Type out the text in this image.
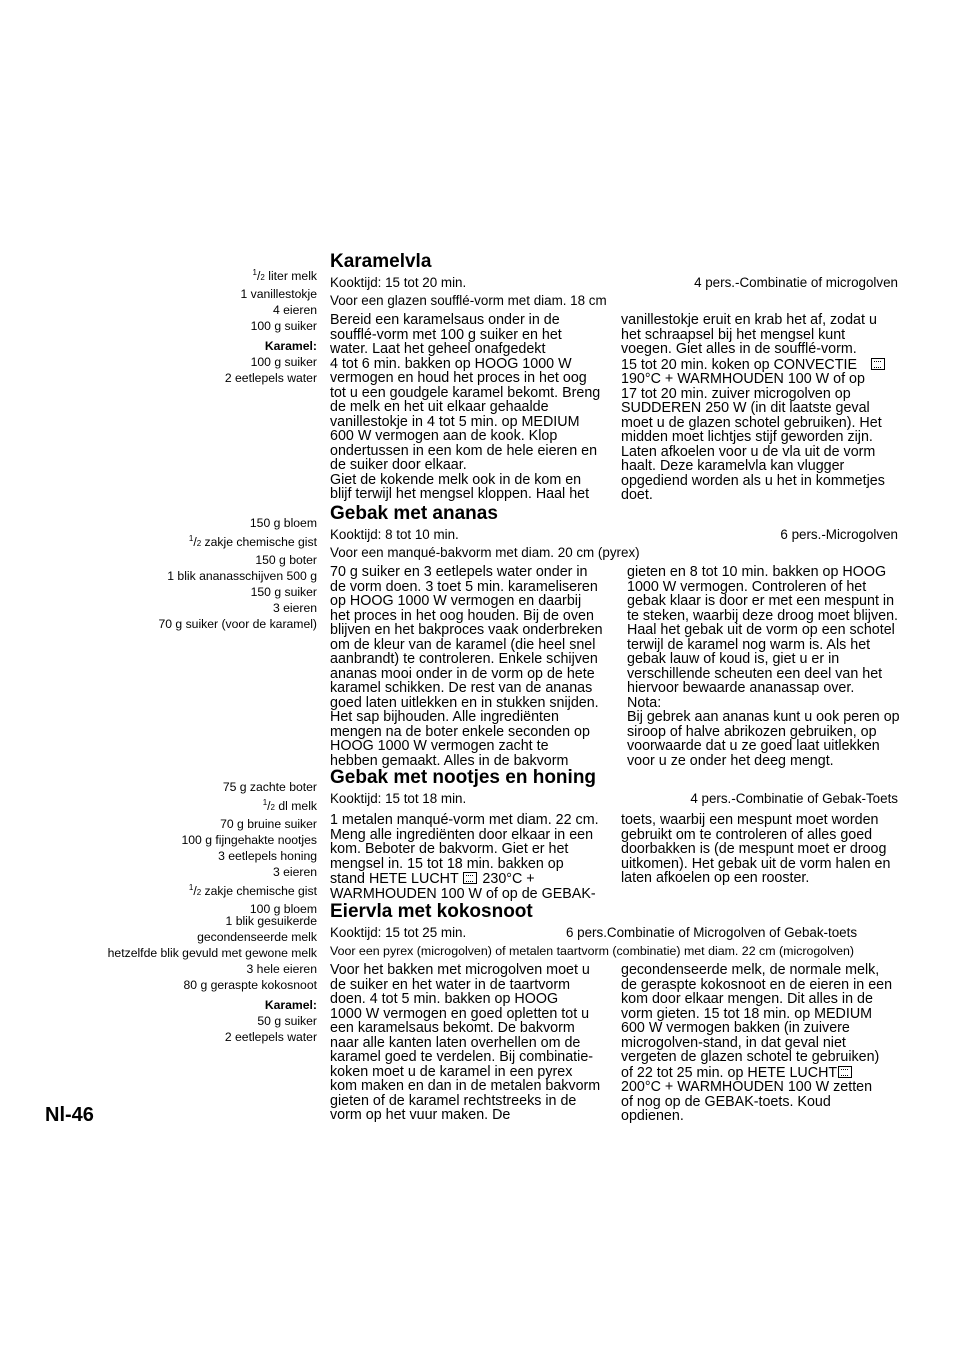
$^1$/2 liter melk
1 vanillestokje
4 eieren
100 g suiker
Karamel:
100 g suiker
2 eetlepels water
150 g bloem
$^1$/2 zakje chemische gist
150 g boter
1 blik ananasschijven 500 g
150 g suiker
3 eieren
70 g suiker (voor de karamel)
75 g zachte boter
$^1$/2 dl melk
70 g bruine suiker
100 g fijngehakte nootjes
3 eetlepels honing
3 eieren
$^1$/2 zakje chemische gist
100 g bloem
1 blik gesuikerde
gecondenseerde melk
hetzelfde blik gevuld met gewone melk
3 hele eieren
80 g geraspte kokosnoot
Karamel:
50 g suiker
2 eetlepels water
Karamelvla
Kooktijd: 15 tot 20 min.	4 pers.-Combinatie of microgolven
Voor een glazen soufflé-vorm met diam. 18 cm
Bereid een karamelsaus onder in de
soufflé-vorm met 100 g suiker en het
water. Laat het geheel onafgedekt
4 tot 6 min. bakken op HOOG 1000 W
vermogen en houd het proces in het oog
tot u een goudgele karamel bekomt. Breng
de melk en het uit elkaar gehaalde
vanillestokje in 4 tot 5 min. op MEDIUM
600 W vermogen aan de kook. Klop
ondertussen in een kom de hele eieren en
de suiker door elkaar.
Giet de kokende melk ook in de kom en
blijf terwijl het mengsel kloppen. Haal het
vanillestokje eruit en krab het af, zodat u
het schraapsel bij het mengsel kunt
voegen. Giet alles in de soufflé-vorm.
15 tot 20 min. koken op CONVECTIE
190°C + WARMHOUDEN 100 W of op
17 tot 20 min. zuiver microgolven op
SUDDEREN 250 W (in dit laatste geval
moet u de glazen schotel gebruiken). Het
midden moet lichtjes stijf geworden zijn.
Laten afkoelen voor u de vla uit de vorm
haalt. Deze karamelvla kan vlugger
opgediend worden als u het in kommetjes
doet.
Gebak met ananas
Kooktijd: 8 tot 10 min.	6 pers.-Microgolven
Voor een manqué-bakvorm met diam. 20 cm (pyrex)
70 g suiker en 3 eetlepels water onder in
de vorm doen. 3 toet 5 min. karameliseren
op HOOG 1000 W vermogen en daarbij
het proces in het oog houden. Bij de oven
blijven en het bakproces vaak onderbreken
om de kleur van de karamel (die heel snel
aanbrandt) te controleren. Enkele schijven
ananas mooi onder in de vorm op de hete
karamel schikken. De rest van de ananas
goed laten uitlekken en in stukken snijden.
Het sap bijhouden. Alle ingrediënten
mengen na de boter enkele seconden op
HOOG 1000 W vermogen zacht te
hebben gemaakt. Alles in de bakvorm
gieten en 8 tot 10 min. bakken op HOOG
1000 W vermogen. Controleren of het
gebak klaar is door er met een mespunt in
te steken, waarbij deze droog moet blijven.
Haal het gebak uit de vorm op een schotel
terwijl de karamel nog warm is. Als het
gebak lauw of koud is, giet u er in
verschillende scheuten een deel van het
hiervoor bewaarde ananassap over.
Nota:
Bij gebrek aan ananas kunt u ook peren op
siroop of halve abrikozen gebruiken, op
voorwaarde dat u ze goed laat uitlekken
voor u ze onder het deeg mengt.
Gebak met nootjes en honing
Kooktijd: 15 tot 18 min.	4 pers.-Combinatie of Gebak-Toets
1 metalen manqué-vorm met diam. 22 cm.
Meng alle ingrediënten door elkaar in een
kom. Beboter de bakvorm. Giet er het
mengsel in. 15 tot 18 min. bakken op
stand HETE LUCHT 230°C +
WARMHOUDEN 100 W of op de GEBAK-
toets, waarbij een mespunt moet worden
gebruikt om te controleren of alles goed
doorbakken is (de mespunt moet er droog
uitkomen). Het gebak uit de vorm halen en
laten afkoelen op een rooster.
Eiervla met kokosnoot
Kooktijd: 15 tot 25 min.	6 pers.Combinatie of Microgolven of Gebak-toets
Voor een pyrex (microgolven) of metalen taartvorm (combinatie) met diam. 22 cm (microgolven)
Voor het bakken met microgolven moet u
de suiker en het water in de taartvorm
doen. 4 tot 5 min. bakken op HOOG
1000 W vermogen en goed opletten tot u
een karamelsaus bekomt. De bakvorm
naar alle kanten laten overhellen om de
karamel goed te verdelen. Bij combinatie-
koken moet u de karamel in een pyrex
kom maken en dan in de metalen bakvorm
gieten of de karamel rechtstreeks in de
vorm op het vuur maken. De
gecondenseerde melk, de normale melk,
de geraspte kokosnoot en de eieren in een
kom door elkaar mengen. Dit alles in de
vorm gieten. 15 tot 18 min. op MEDIUM
600 W vermogen bakken (in zuivere
microgolven-stand, in dat geval niet
vergeten de glazen schotel te gebruiken)
of 22 tot 25 min. op HETE LUCHT
200°C + WARMHOUDEN 100 W zetten
of nog op de GEBAK-toets. Koud
opdienen.
Nl-46
